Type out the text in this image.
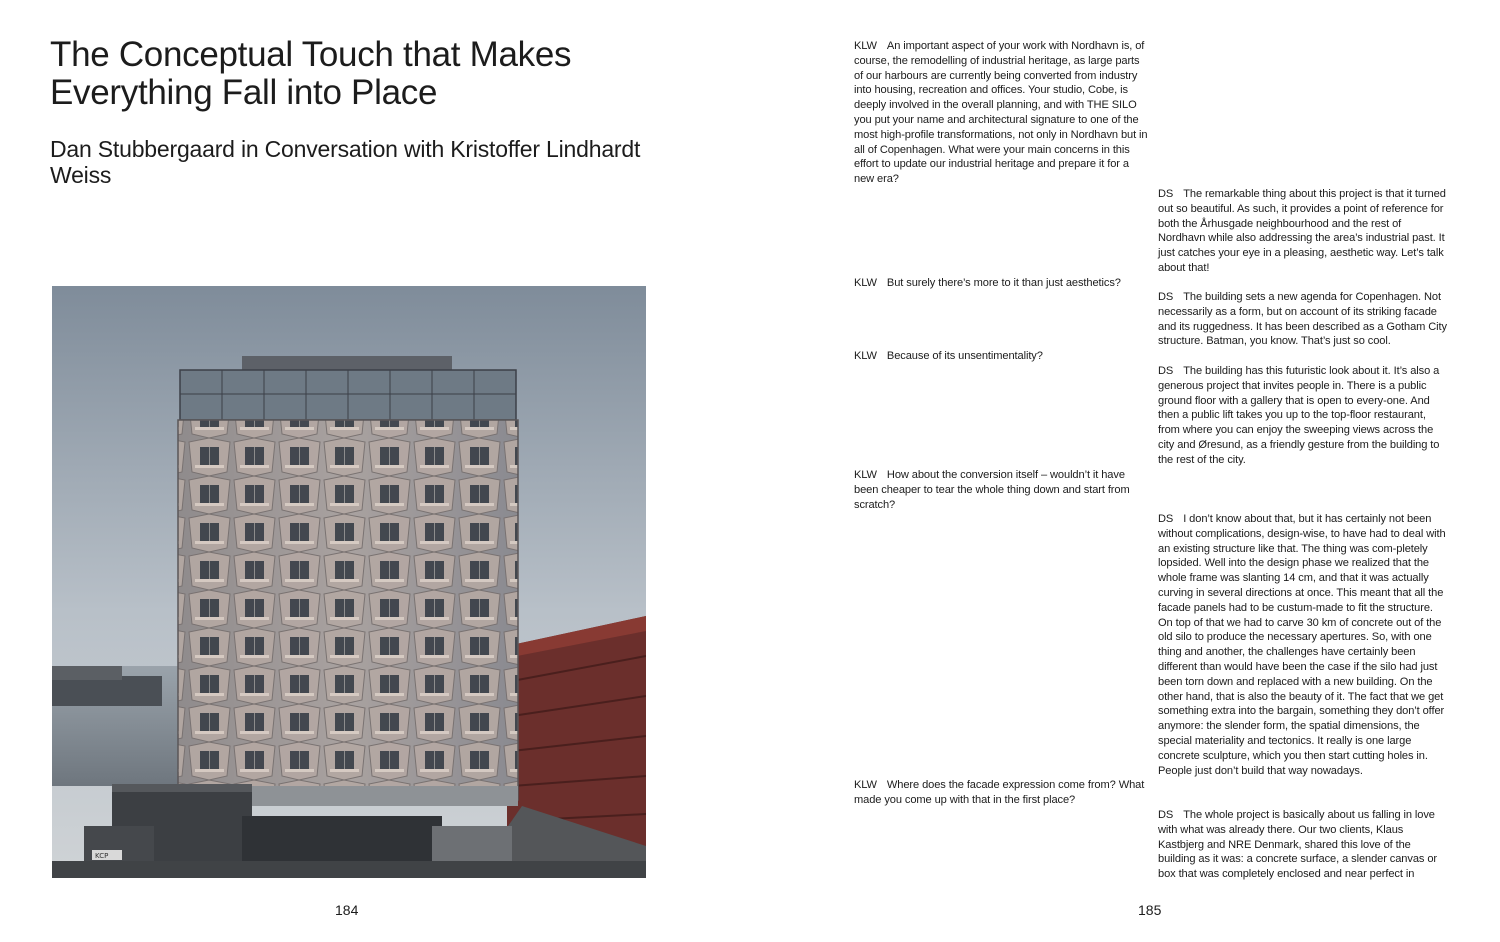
The Conceptual Touch that Makes Everything Fall into Place
Dan Stubbergaard in Conversation with Kristoffer Lindhardt Weiss
KCP
184

KLW An important aspect of your work with Nordhavn is, of course, the remodelling of industrial heritage, as large parts of our harbours are currently being converted from industry into housing, recreation and offices. Your studio, Cobe, is deeply involved in the overall planning, and with THE SILO you put your name and architectural signature to one of the most high-profile transformations, not only in Nordhavn but in all of Copenhagen. What were your main concerns in this effort to update our industrial heritage and prepare it for a new era?

DS The remarkable thing about this project is that it turned out so beautiful. As such, it provides a point of reference for both the Århusgade neighbourhood and the rest of Nordhavn while also addressing the area’s industrial past. It just catches your eye in a pleasing, aesthetic way. Let’s talk about that!

KLW But surely there’s more to it than just aesthetics?

DS The building sets a new agenda for Copenhagen. Not necessarily as a form, but on account of its striking facade and its ruggedness. It has been described as a Gotham City structure. Batman, you know. That’s just so cool.

KLW Because of its unsentimentality?

DS The building has this futuristic look about it. It’s also a generous project that invites people in. There is a public ground floor with a gallery that is open to every-one. And then a public lift takes you up to the top-floor restaurant, from where you can enjoy the sweeping views across the city and Øresund, as a friendly gesture from the building to the rest of the city.

KLW How about the conversion itself – wouldn’t it have been cheaper to tear the whole thing down and start from scratch?

DS I don’t know about that, but it has certainly not been without complications, design-wise, to have had to deal with an existing structure like that. The thing was com-pletely lopsided. Well into the design phase we realized that the whole frame was slanting 14 cm, and that it was actually curving in several directions at once. This meant that all the facade panels had to be custum-made to fit the structure. On top of that we had to carve 30 km of concrete out of the old silo to produce the necessary apertures. So, with one thing and another, the challenges have certainly been different than would have been the case if the silo had just been torn down and replaced with a new building. On the other hand, that is also the beauty of it. The fact that we get something extra into the bargain, something they don’t offer anymore: the slender form, the spatial dimensions, the special materiality and tectonics. It really is one large concrete sculpture, which you then start cutting holes in. People just don’t build that way nowadays.

KLW Where does the facade expression come from? What made you come up with that in the first place?

DS The whole project is basically about us falling in love with what was already there. Our two clients, Klaus Kastbjerg and NRE Denmark, shared this love of the building as it was: a concrete surface, a slender canvas or box that was completely enclosed and near perfect in

185
